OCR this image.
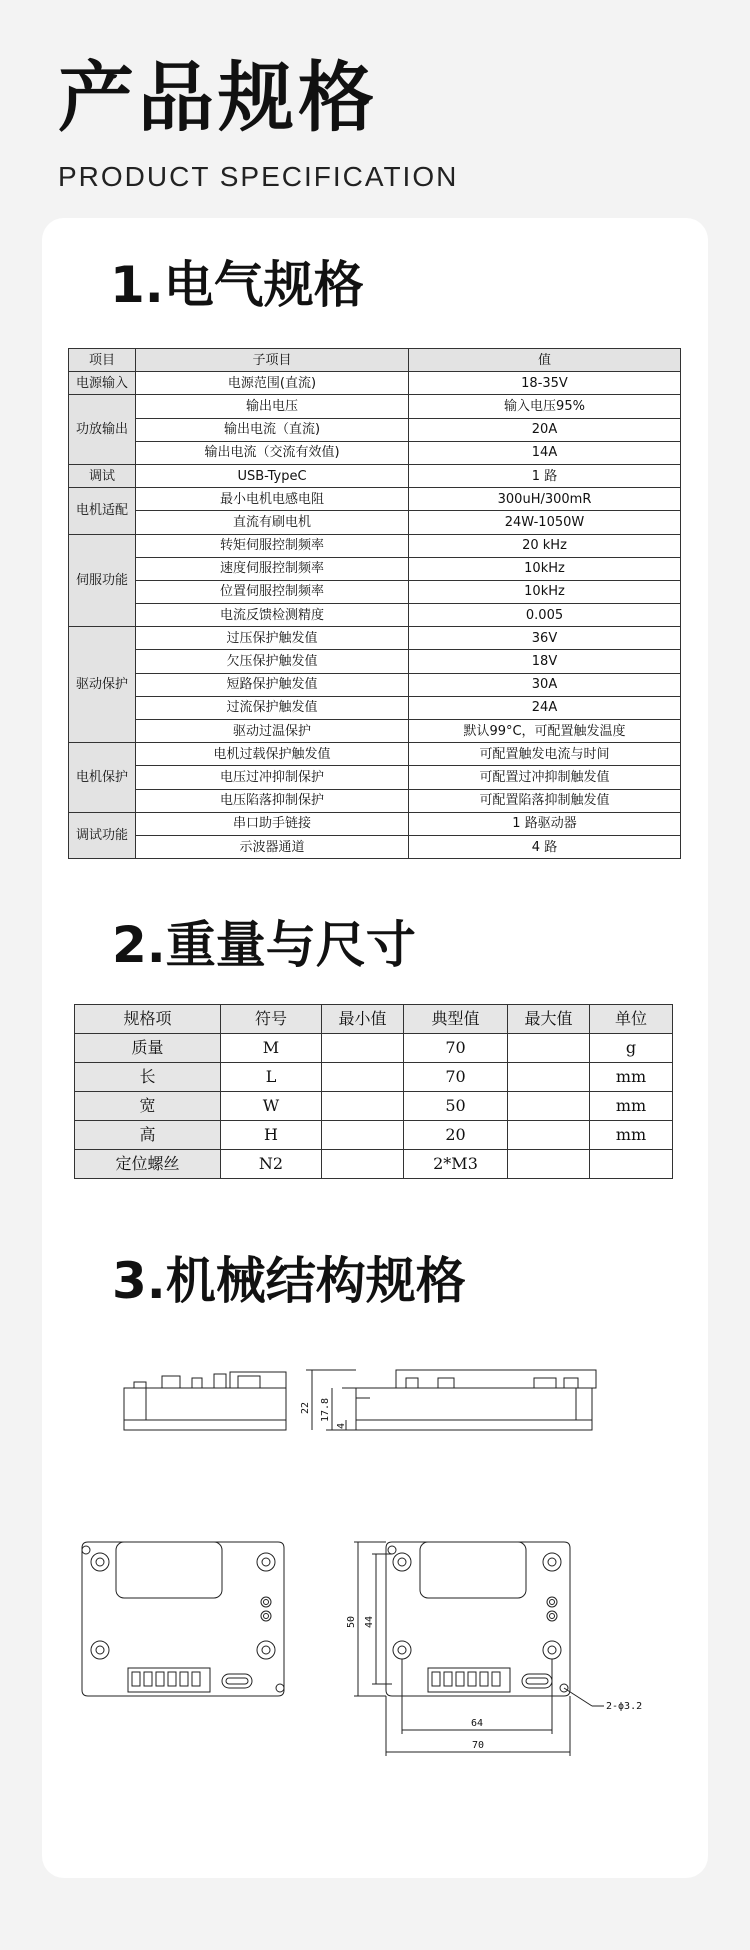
产品规格
PRODUCT SPECIFICATION
1.电气规格
项目	子项目	值
电源输入	电源范围(直流)	18-35V
功放输出	输出电压	输入电压95%
	输出电流（直流)	20A
	输出电流（交流有效值)	14A
调试	USB-TypeC	1 路
电机适配	最小电机电感电阻	300uH/300mR
	直流有刷电机	24W-1050W
伺服功能	转矩伺服控制频率	20 kHz
	速度伺服控制频率	10kHz
	位置伺服控制频率	10kHz
	电流反馈检测精度	0.005
驱动保护	过压保护触发值	36V
	欠压保护触发值	18V
	短路保护触发值	30A
	过流保护触发值	24A
	驱动过温保护	默认99°C，可配置触发温度
电机保护	电机过载保护触发值	可配置触发电流与时间
	电压过冲抑制保护	可配置过冲抑制触发值
	电压陷落抑制保护	可配置陷落抑制触发值
调试功能	串口助手链接	1 路驱动器
	示波器通道	4 路
2.重量与尺寸
规格项	符号	最小值	典型值	最大值	单位
质量	M		70		g
长	L		70		mm
宽	W		50		mm
高	H		20		mm
定位螺丝	N2		2*M3		
3.机械结构规格
22 17.8
4
50 44
64
70
2-ϕ3.2
